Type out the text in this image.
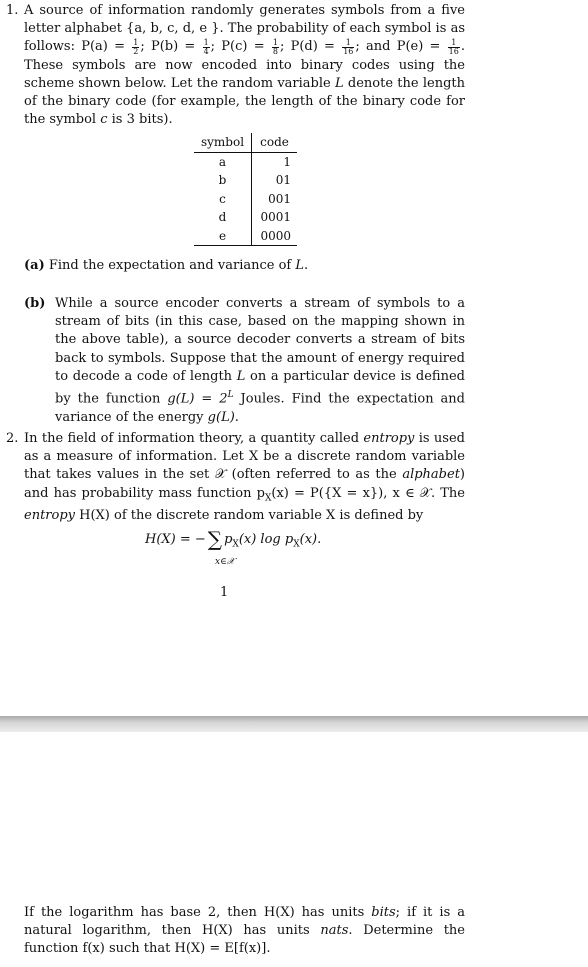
1. A source of information randomly generates symbols from a five letter alphabet {a, b, c, d, e }. The probability of each symbol is as follows: $P(a) = \frac{1}{2}$ ; $P(b) = \frac{1}{4}$ ; $P(c) = \frac{1}{8}$ ; $P(d) = \frac{1}{16}$ ; and $P(e) = \frac{1}{16}$ . These symbols are now encoded into binary codes using the scheme shown below. Let the random variable L denote the length of the binary code (for example, the length of the binary code for the symbol c is 3 bits).

symbol	code
a	1
b	01
c	001
d	0001
e	0000

(a) Find the expectation and variance of L.

(b) While a source encoder converts a stream of symbols to a stream of bits (in this case, based on the mapping shown in the above table), a source decoder converts a stream of bits back to symbols. Suppose that the amount of energy required to decode a code of length L on a particular device is defined by the function $g(L) = 2^L$ Joules. Find the expectation and variance of the energy g(L).

2. In the field of information theory, a quantity called entropy is used as a measure of information. Let X be a discrete random variable that takes values in the set 𝒳 (often referred to as the alphabet) and has probability mass function $p_X(x) = P(\{X = x\})$, x ∈ 𝒳. The entropy H(X) of the discrete random variable X is defined by

H(X) = − ∑ $p_X(x)$ $\log p_X(x)$.
x∈𝒳
1

If the logarithm has base 2, then H(X) has units bits; if it is a natural logarithm, then H(X) has units nats. Determine the function f(x) such that H(X) = E[f(x)].
